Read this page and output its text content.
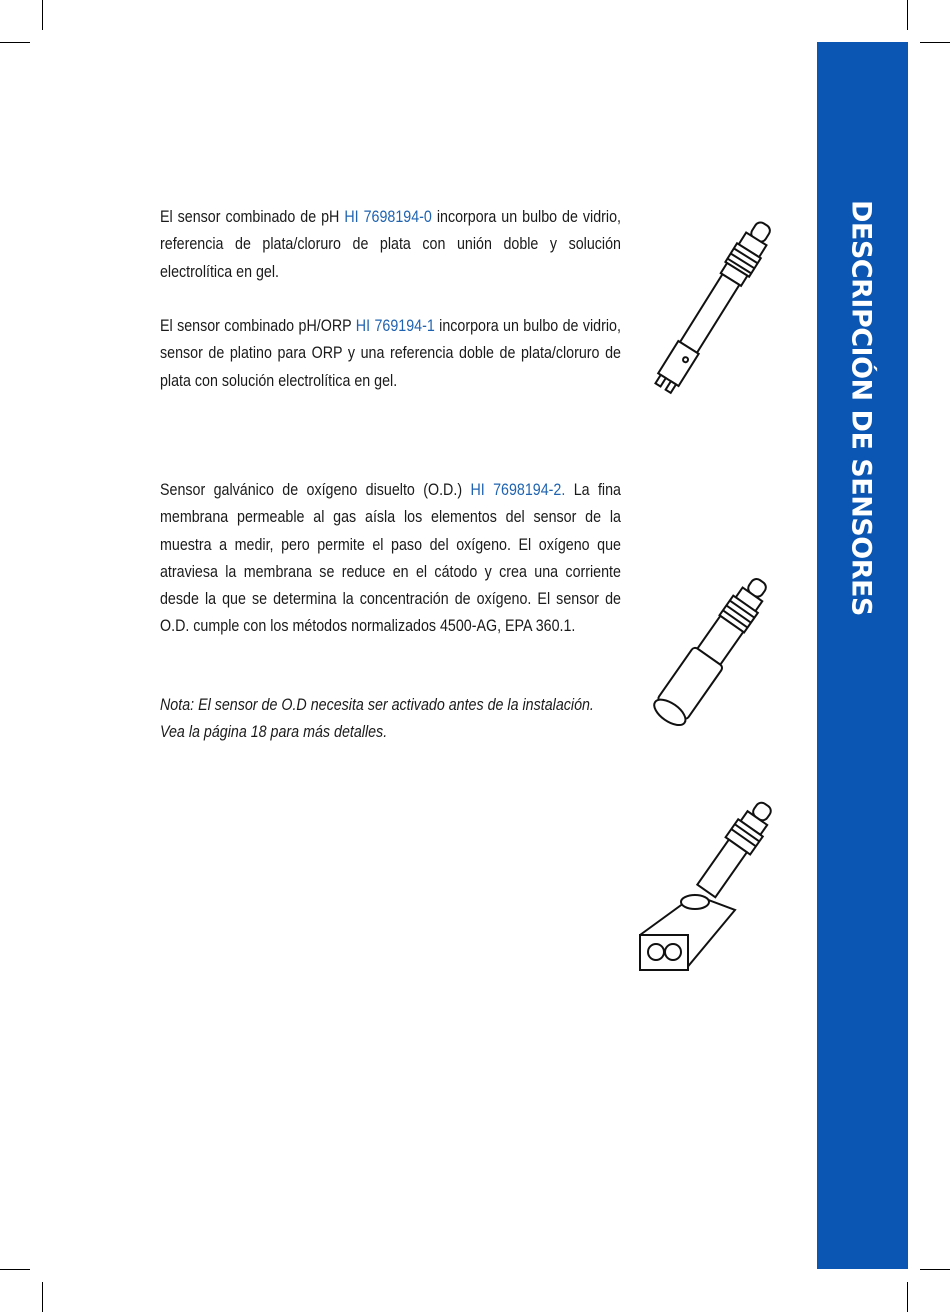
DESCRIPCIÓN DE SENSORES

El sensor combinado de pH HI 7698194-0 incorpora un bulbo de vidrio, referencia de plata/cloruro de plata con unión doble y solución electrolítica en gel.

El sensor combinado pH/ORP HI 769194-1 incorpora un bulbo de vidrio, sensor de platino para ORP y una referencia doble de plata/cloruro de plata con solución electrolítica en gel.

Sensor galvánico de oxígeno disuelto (O.D.) HI 7698194-2. La fina membrana permeable al gas aísla los elementos del sensor de la muestra a medir, pero permite el paso del oxígeno. El oxígeno que atraviesa la membrana se reduce en el cátodo y crea una corriente desde la que se determina la concentración de oxígeno. El sensor de O.D. cumple con los métodos normalizados 4500-AG, EPA 360.1.

Nota: El sensor de O.D necesita ser activado antes de la instalación. Vea la página 18 para más detalles.
